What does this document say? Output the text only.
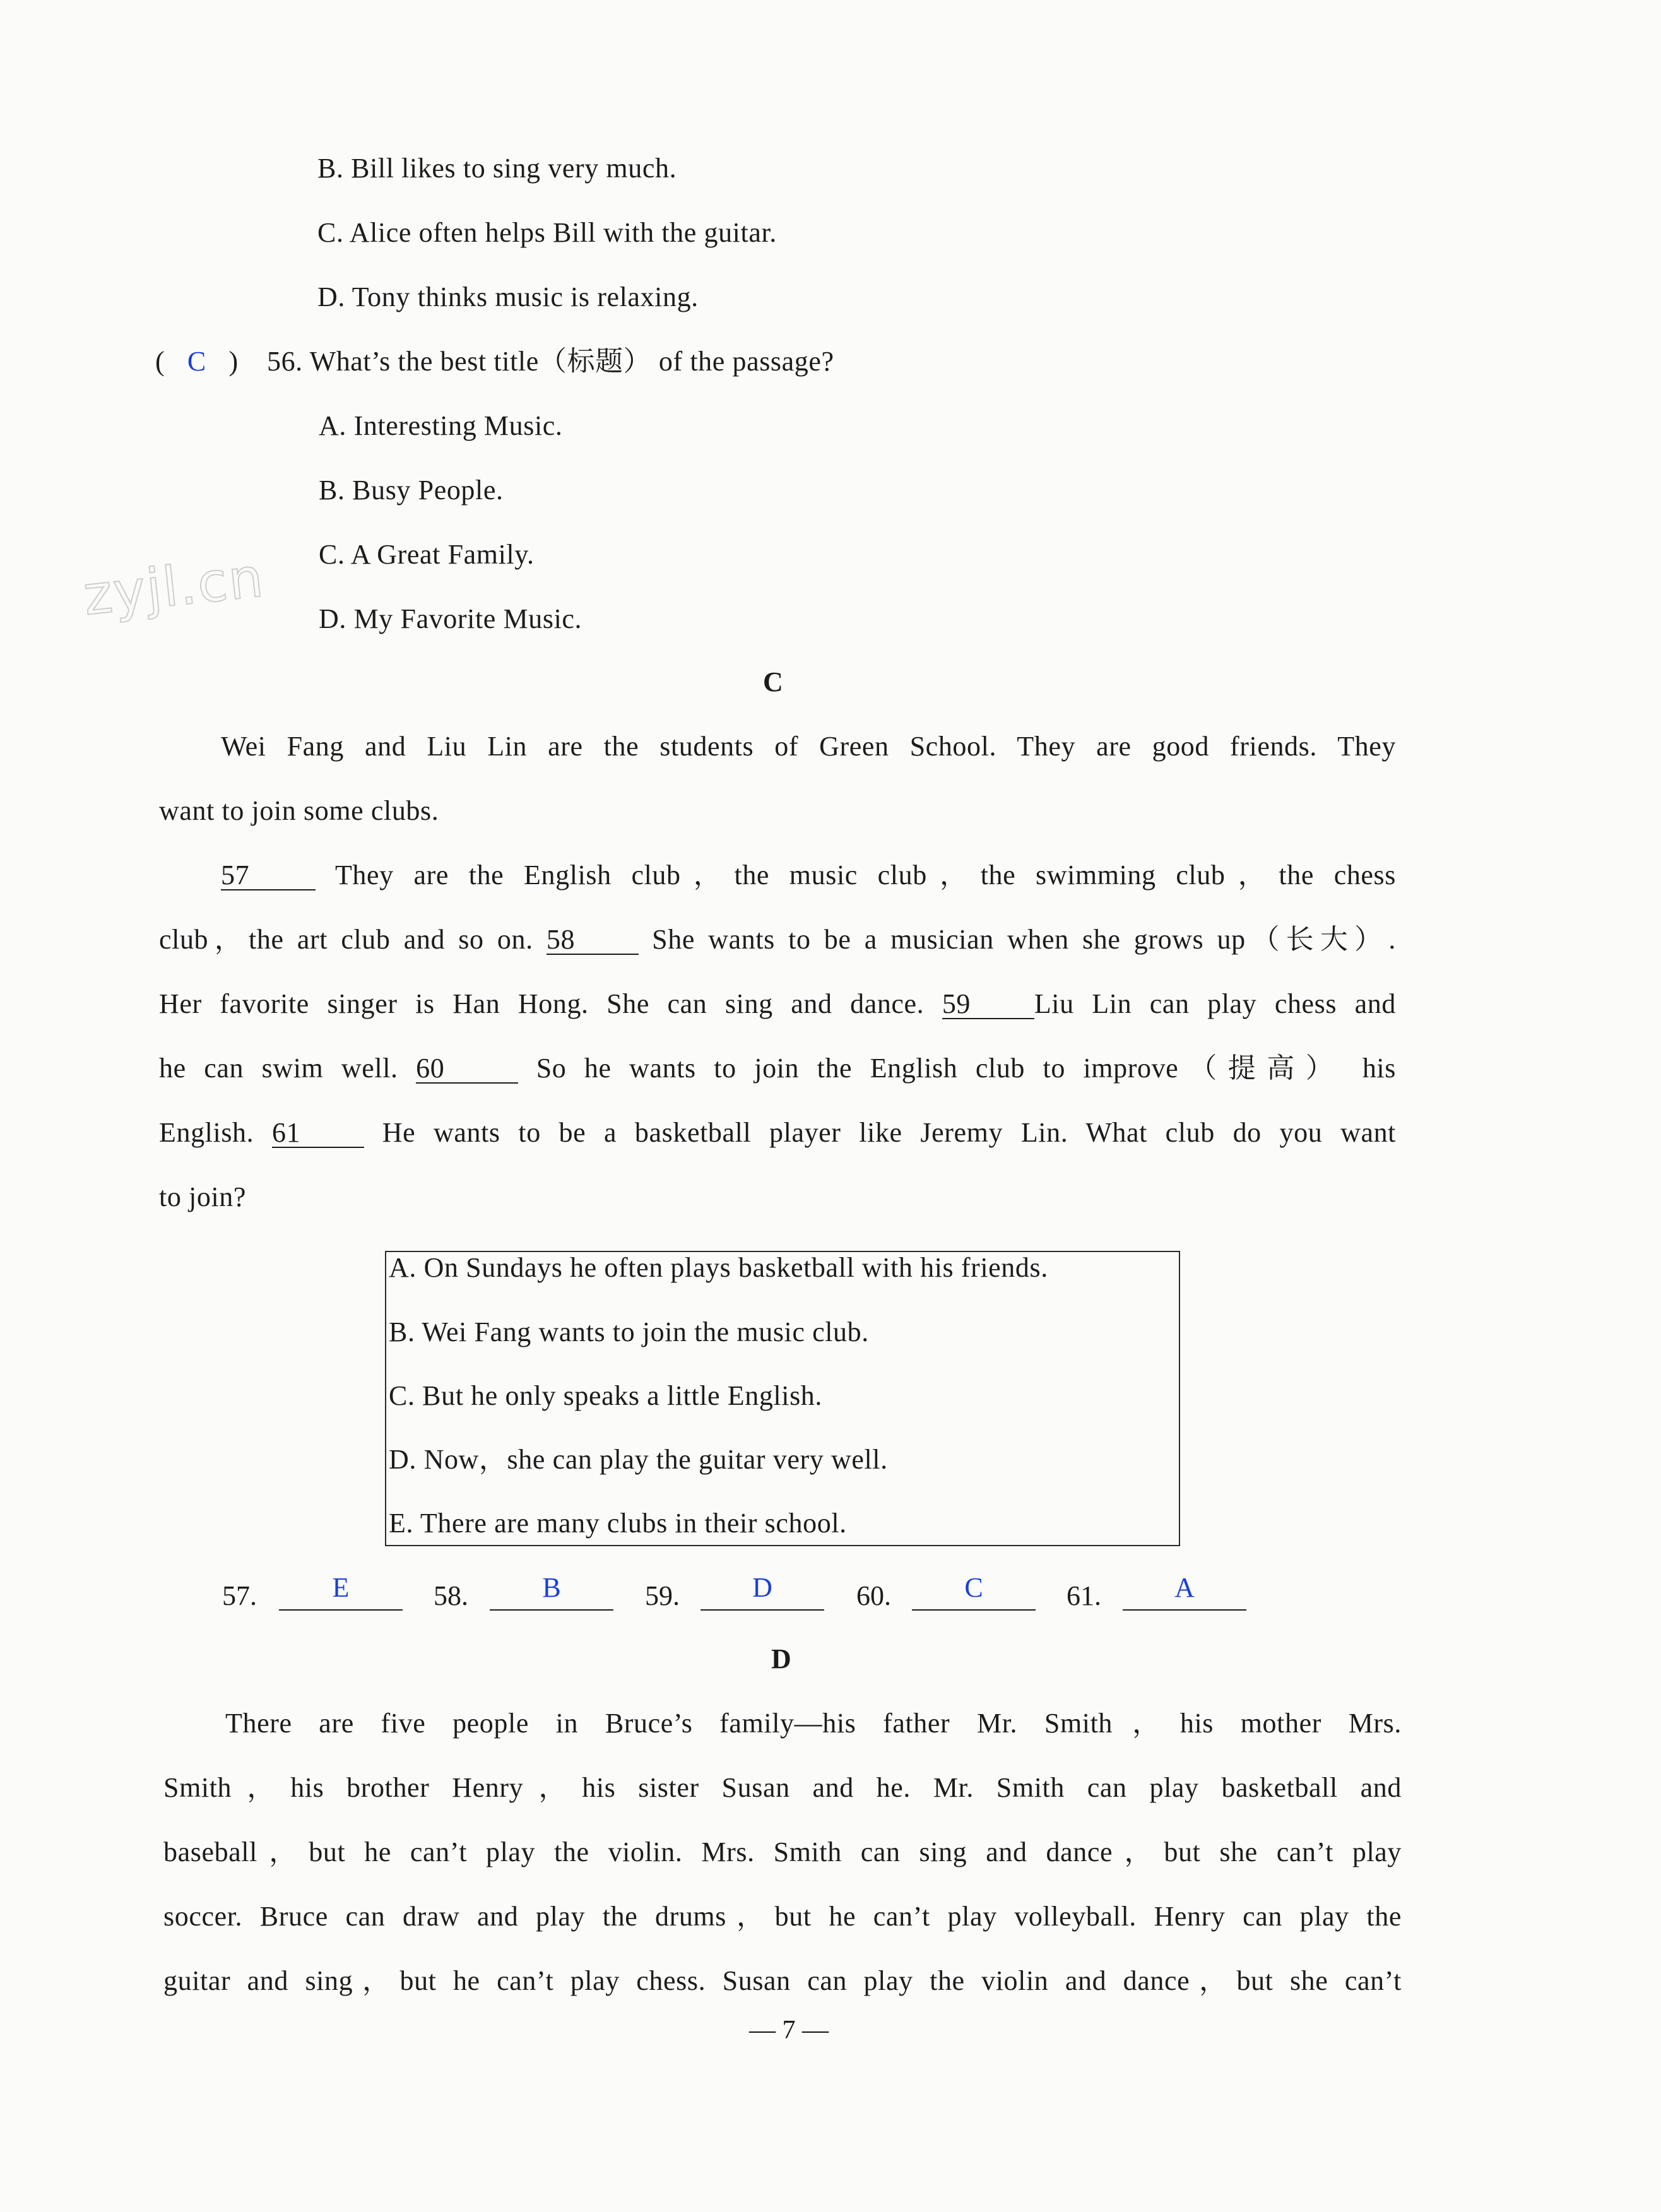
B. Bill likes to sing very much.
C. Alice often helps Bill with the guitar.
D. Tony thinks music is relaxing.
( C ) 56. What’s the best title（标题） of the passage?
A. Interesting Music.
B. Busy People.
C. A Great Family.
D. My Favorite Music.
zyjl.cn
C
Wei Fang and Liu Lin are the students of Green School. They are good friends. They
want to join some clubs.
57 They are the English club，the music club，the swimming club，the chess
club，the art club and so on. 58 She wants to be a musician when she grows up（长大）.
Her favorite singer is Han Hong. She can sing and dance. 59 Liu Lin can play chess and
he can swim well. 60	So he wants to join the English club to improve（提高） his
English. 61 He wants to be a basketball player like Jeremy Lin. What club do you want
to join?
A. On Sundays he often plays basketball with his friends.
B. Wei Fang wants to join the music club.
C. But he only speaks a little English.
D. Now，she can play the guitar very well.
E. There are many clubs in their school.
57.	E	58.	B	59.	D	60.	C	61.	A
D
There are five people in Bruce’s family—his father Mr. Smith，his mother Mrs.
Smith，his brother Henry，his sister Susan and he. Mr. Smith can play basketball and
baseball，but he can’t play the violin. Mrs. Smith can sing and dance，but she can’t play
soccer. Bruce can draw and play the drums，but he can’t play volleyball. Henry can play the
guitar and sing，but he can’t play chess. Susan can play the violin and dance，but she can’t
— 7 —
